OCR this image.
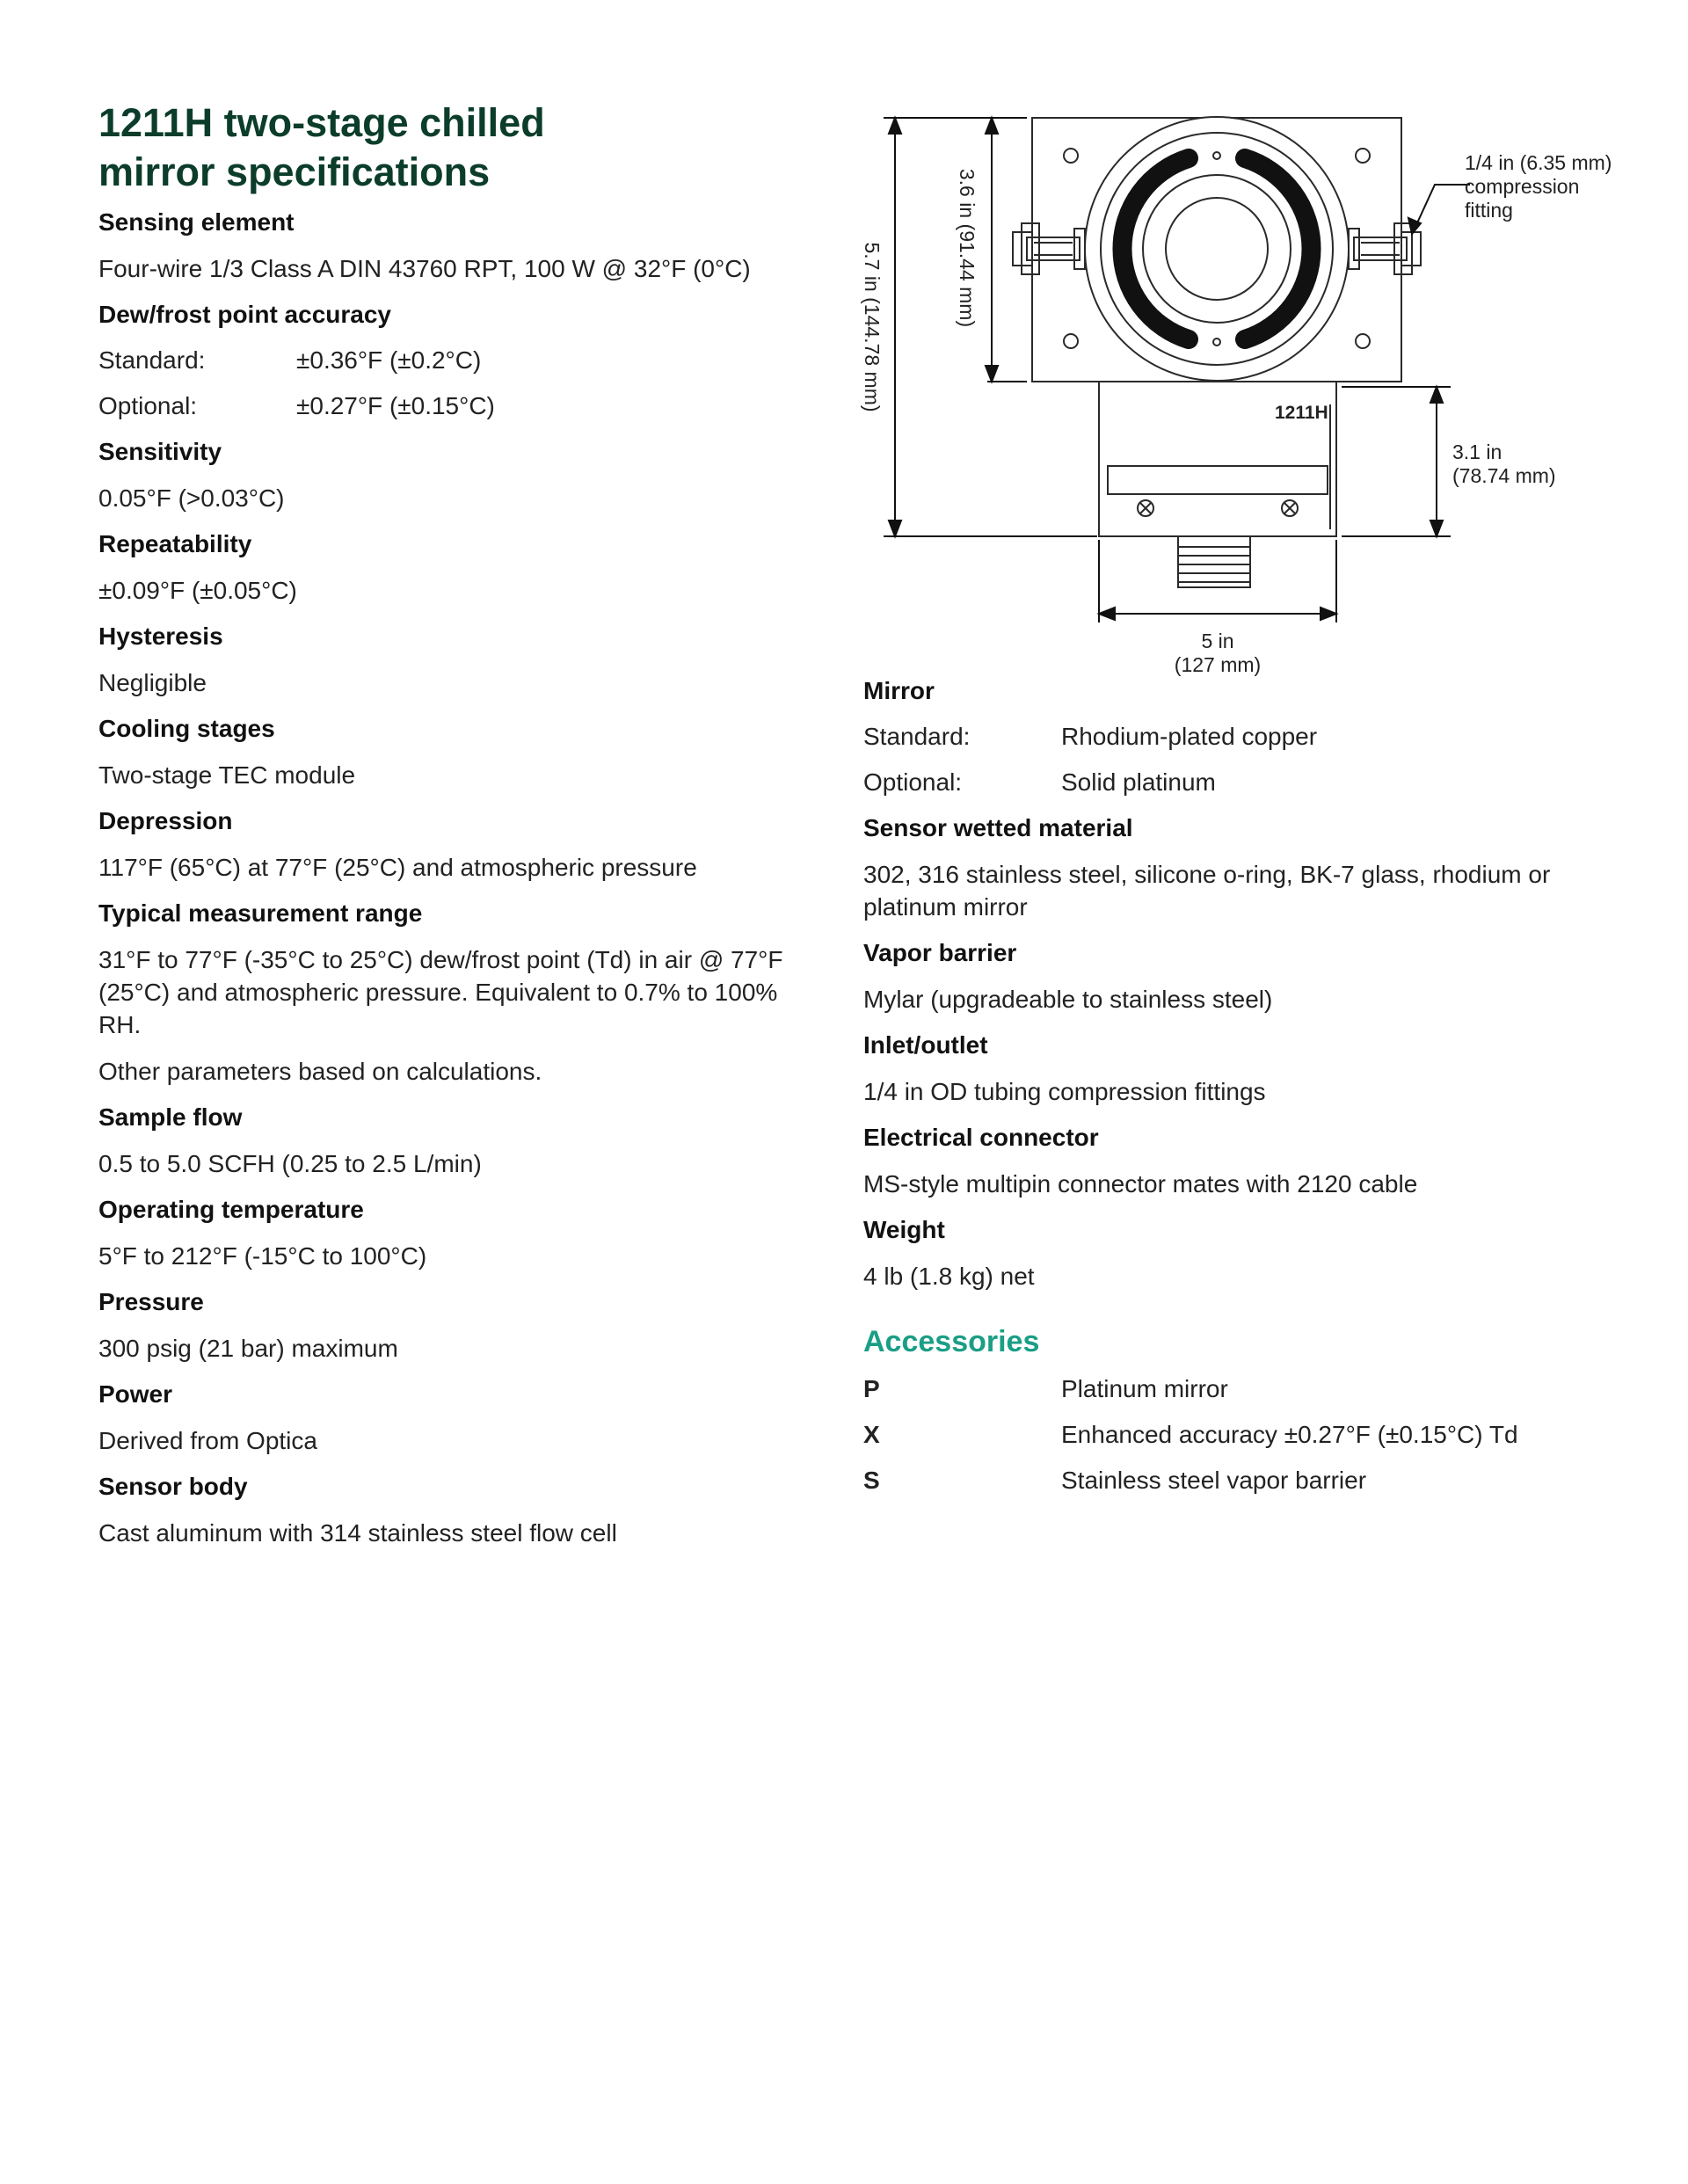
1211H two-stage chilled
mirror specifications
Sensing element
Four-wire 1/3 Class A DIN 43760 RPT, 100 W @ 32°F (0°C)
Dew/frost point accuracy
Standard:	±0.36°F (±0.2°C)
Optional:	±0.27°F (±0.15°C)
Sensitivity
0.05°F (>0.03°C)
Repeatability
±0.09°F (±0.05°C)
Hysteresis
Negligible
Cooling stages
Two-stage TEC module
Depression
117°F (65°C) at 77°F (25°C) and atmospheric pressure
Typical measurement range
31°F to 77°F (-35°C to 25°C) dew/frost point (Td) in air @ 77°F (25°C) and atmospheric pressure. Equivalent to 0.7% to 100% RH.
Other parameters based on calculations.
Sample flow
0.5 to 5.0 SCFH (0.25 to 2.5 L/min)
Operating temperature
5°F to 212°F (-15°C to 100°C)
Pressure
300 psig (21 bar) maximum
Power
Derived from Optica
Sensor body
Cast aluminum with 314 stainless steel flow cell
5.7 in (144.78 mm)	3.6 in (91.44 mm)
1/4 in (6.35 mm)
compression
fitting
3.1 in
(78.74 mm)
5 in
(127 mm)
1211H
Mirror
Standard:	Rhodium-plated copper
Optional:	Solid platinum
Sensor wetted material
302, 316 stainless steel, silicone o-ring, BK-7 glass, rhodium or platinum mirror
Vapor barrier
Mylar (upgradeable to stainless steel)
Inlet/outlet
1/4 in OD tubing compression fittings
Electrical connector
MS-style multipin connector mates with 2120 cable
Weight
4 lb (1.8 kg) net
Accessories
P	Platinum mirror
X	Enhanced accuracy ±0.27°F (±0.15°C) Td
S	Stainless steel vapor barrier
